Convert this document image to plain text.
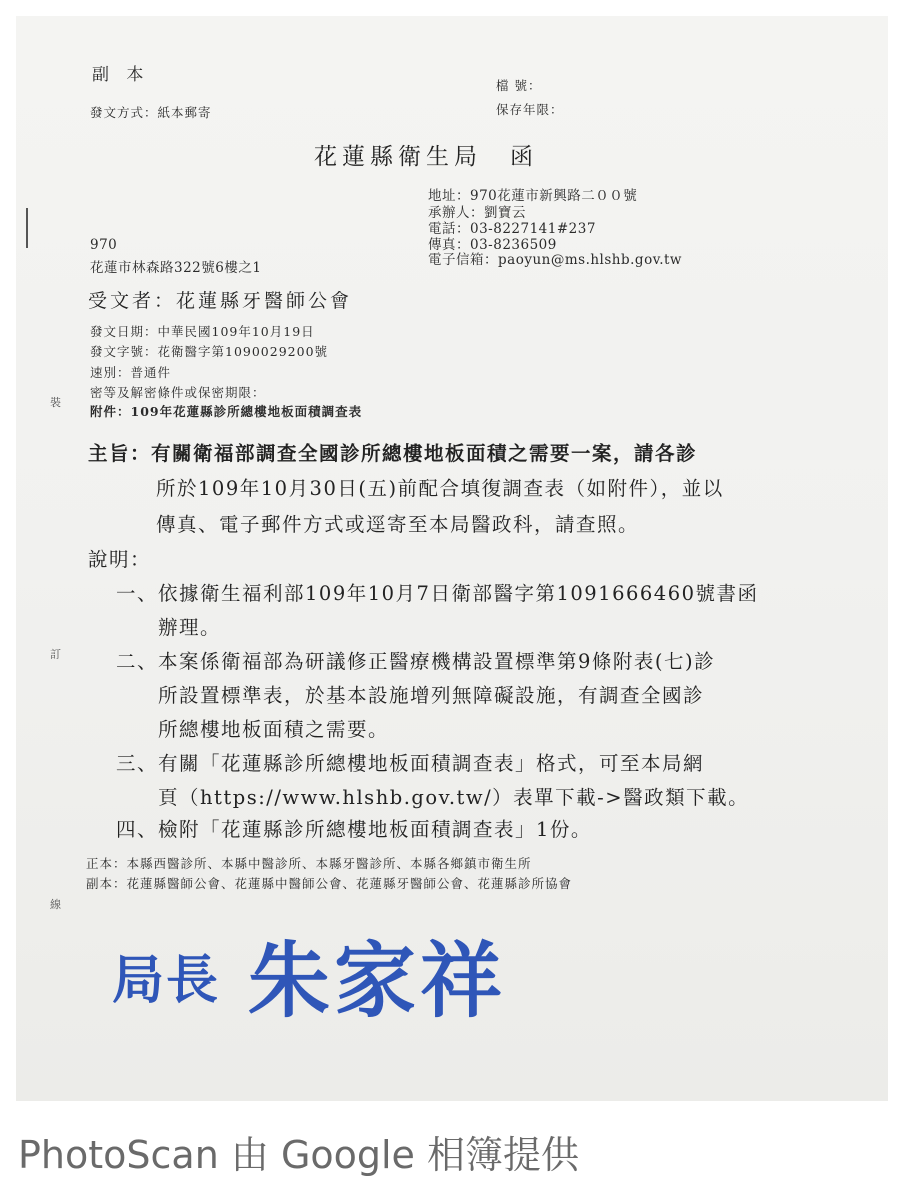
副 本
檔 號：
發文方式：紙本郵寄	保存年限：
花蓮縣衛生局　函
地址：970花蓮市新興路二００號
承辦人：劉寶云
電話：03-8227141#237
傳真：03-8236509
電子信箱：paoyun@ms.hlshb.gov.tw
970
花蓮市林森路322號6樓之1
受文者：花蓮縣牙醫師公會
發文日期：中華民國109年10月19日
發文字號：花衛醫字第1090029200號
速別：普通件
密等及解密條件或保密期限：
附件：109年花蓮縣診所總樓地板面積調查表
主旨：有關衛福部調查全國診所總樓地板面積之需要一案，請各診
所於109年10月30日(五)前配合填復調查表（如附件），並以
傳真、電子郵件方式或逕寄至本局醫政科，請查照。
說明：
一、依據衛生福利部109年10月7日衛部醫字第1091666460號書函
辦理。
二、本案係衛福部為研議修正醫療機構設置標準第9條附表(七)診
所設置標準表，於基本設施增列無障礙設施，有調查全國診
所總樓地板面積之需要。
三、有關「花蓮縣診所總樓地板面積調查表」格式，可至本局網
頁（https://www.hlshb.gov.tw/）表單下載->醫政類下載。
四、檢附「花蓮縣診所總樓地板面積調查表」1份。
正本：本縣西醫診所、本縣中醫診所、本縣牙醫診所、本縣各鄉鎮市衛生所
副本：花蓮縣醫師公會、花蓮縣中醫師公會、花蓮縣牙醫師公會、花蓮縣診所協會
裝
訂
線
局長 朱家祥
PhotoScan 由 Google 相簿提供
